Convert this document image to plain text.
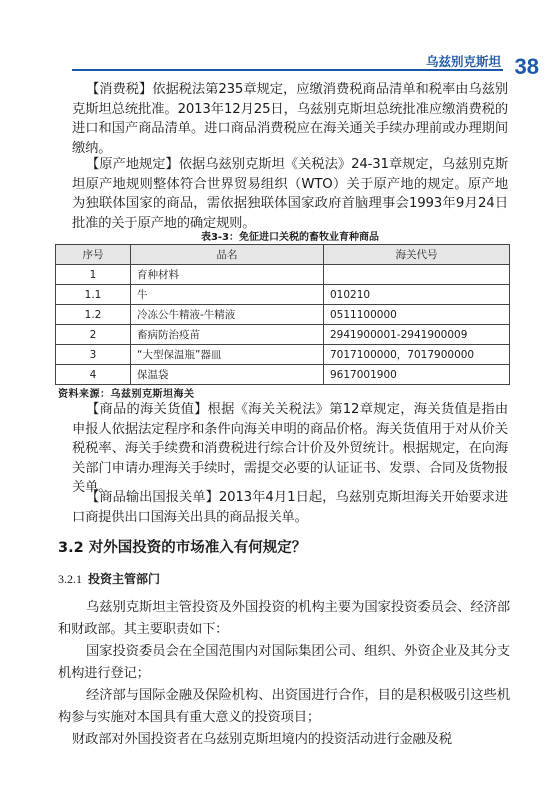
乌兹别克斯坦 38

【消费税】依据税法第235章规定，应缴消费税商品清单和税率由乌兹别克斯坦总统批准。2013年12月25日，乌兹别克斯坦总统批准应缴消费税的进口和国产商品清单。进口商品消费税应在海关通关手续办理前或办理期间缴纳。

【原产地规定】依据乌兹别克斯坦《关税法》24-31章规定，乌兹别克斯坦原产地规则整体符合世界贸易组织（WTO）关于原产地的规定。原产地为独联体国家的商品，需依据独联体国家政府首脑理事会1993年9月24日批准的关于原产地的确定规则。

表3-3：免征进口关税的畜牧业育种商品
序号	品名	海关代号
1	育种材料	
1.1	牛	010210
1.2	冷冻公牛精液-牛精液	0511100000
2	畜病防治疫苗	2941900001-2941900009
3	“大型保温瓶”器皿	7017100000，7017900000
4	保温袋	9617001900
资料来源：乌兹别克斯坦海关

【商品的海关货值】根据《海关关税法》第12章规定，海关货值是指由申报人依据法定程序和条件向海关申明的商品价格。海关货值用于对从价关税税率、海关手续费和消费税进行综合计价及外贸统计。根据规定，在向海关部门申请办理海关手续时，需提交必要的认证证书、发票、合同及货物报关单。

【商品输出国报关单】2013年4月1日起，乌兹别克斯坦海关开始要求进口商提供出口国海关出具的商品报关单。

3.2 对外国投资的市场准入有何规定？
3.2.1 投资主管部门

乌兹别克斯坦主管投资及外国投资的机构主要为国家投资委员会、经济部和财政部。其主要职责如下：

国家投资委员会在全国范围内对国际集团公司、组织、外资企业及其分支机构进行登记；

经济部与国际金融及保险机构、出资国进行合作，目的是积极吸引这些机构参与实施对本国具有重大意义的投资项目；

财政部对外国投资者在乌兹别克斯坦境内的投资活动进行金融及税
